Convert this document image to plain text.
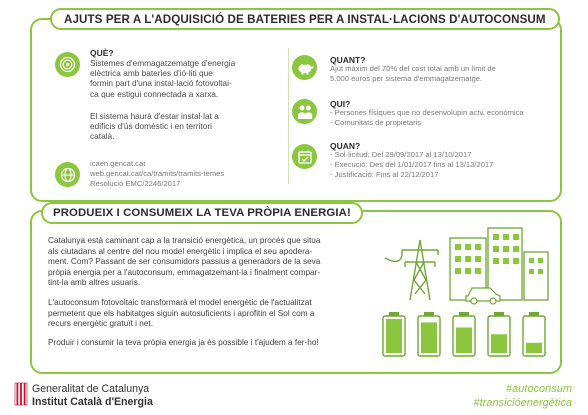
AJUTS PER A L'ADQUISICIÓ DE BATERIES PER A INSTAL·LACIONS D'AUTOCONSUM
QUÈ?
Sistemes d'emmagatzematge d'energia
elèctrica amb bateries d'ió-liti que
formin part d'una instal·lació fotovoltai-
ca que estigui connectada a xarxa.
El sistema haurà d'estar instal·lat a
edificis d'ús domèstic i en territori
català.
icaen.gencat.cat
web.gencat.cat/ca/tramits/tramits-temes
Resolució EMC/2246/2017
QUANT?
Ajut màxim del 70% del cost total amb un límit de
5.000 euros per sistema d'emmagatzematge.
QUI?
- Persones físiques que no desenvolupin actv. econòmica
- Comunitats de propietaris
QUAN?
- Sol·licitud: Del 29/09/2017 al 13/10/2017
- Execució: Des del 1/01/2017 fins al 13/12/2017
- Justificació: Fins al 22/12/2017
PRODUEIX I CONSUMEIX LA TEVA PRÒPIA ENERGIA!
Catalunya està caminant cap a la transició energètica, un procés que situa
als ciutadans al centre del nou model energètic i implica el seu apodera-
ment. Com? Passant de ser consumidors passius a generadors de la seva
pròpia energia per a l'autoconsum, emmagatzemant-la i finalment compar-
tint-la amb altres usuaris.
L'autoconsum fotovoltaic transformarà el model energètic de l'actualitzat
permetent que els habitatges siguin autosuficients i aprofitin el Sol com a
recurs energètic gratuït i net.
Produir i consumir la teva pròpia energia ja és possible i t'ajudem a fer-ho!
Generalitat de Catalunya
Institut Català d'Energia
#autoconsum
#transicióenergètica
